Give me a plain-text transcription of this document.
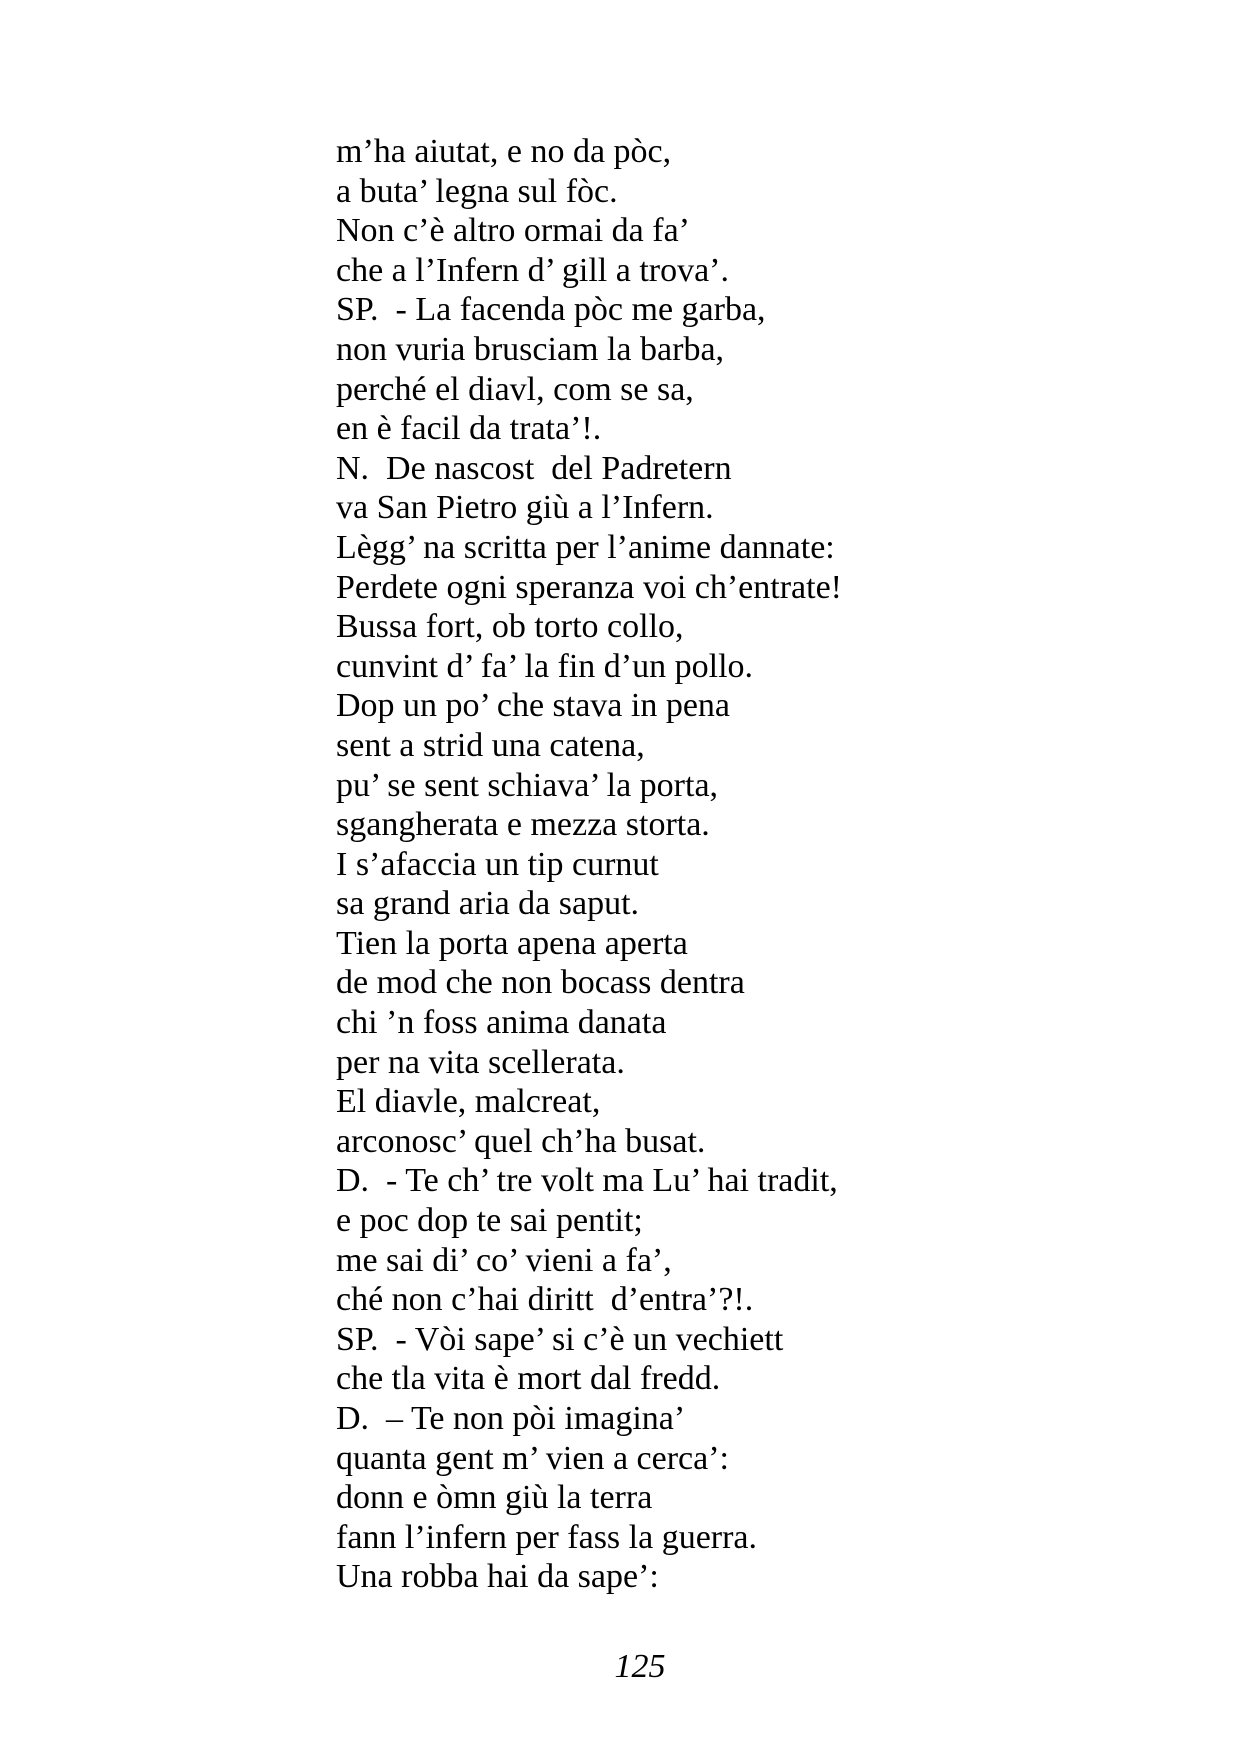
m’ha aiutat, e no da pòc,
a buta’ legna sul fòc.
Non c’è altro ormai da fa’
che a l’Infern d’ gill a trova’.
SP.  - La facenda pòc me garba,
non vuria brusciam la barba,
perché el diavl, com se sa,
en è facil da trata’!.
N.  De nascost  del Padretern
va San Pietro giù a l’Infern.
Lègg’ na scritta per l’anime dannate:
Perdete ogni speranza voi ch’entrate!
Bussa fort, ob torto collo,
cunvint d’ fa’ la fin d’un pollo.
Dop un po’ che stava in pena
sent a strid una catena,
pu’ se sent schiava’ la porta,
sgangherata e mezza storta.
I s’afaccia un tip curnut
sa grand aria da saput.
Tien la porta apena aperta
de mod che non bocass dentra
chi ’n foss anima danata
per na vita scellerata.
El diavle, malcreat,
arconosc’ quel ch’ha busat.
D.  - Te ch’ tre volt ma Lu’ hai tradit,
e poc dop te sai pentit;
me sai di’ co’ vieni a fa’,
ché non c’hai diritt  d’entra’?!.
SP.  - Vòi sape’ si c’è un vechiett
che tla vita è mort dal fredd.
D.  – Te non pòi imagina’
quanta gent m’ vien a cerca’:
donn e òmn giù la terra
fann l’infern per fass la guerra.
Una robba hai da sape’:
125
